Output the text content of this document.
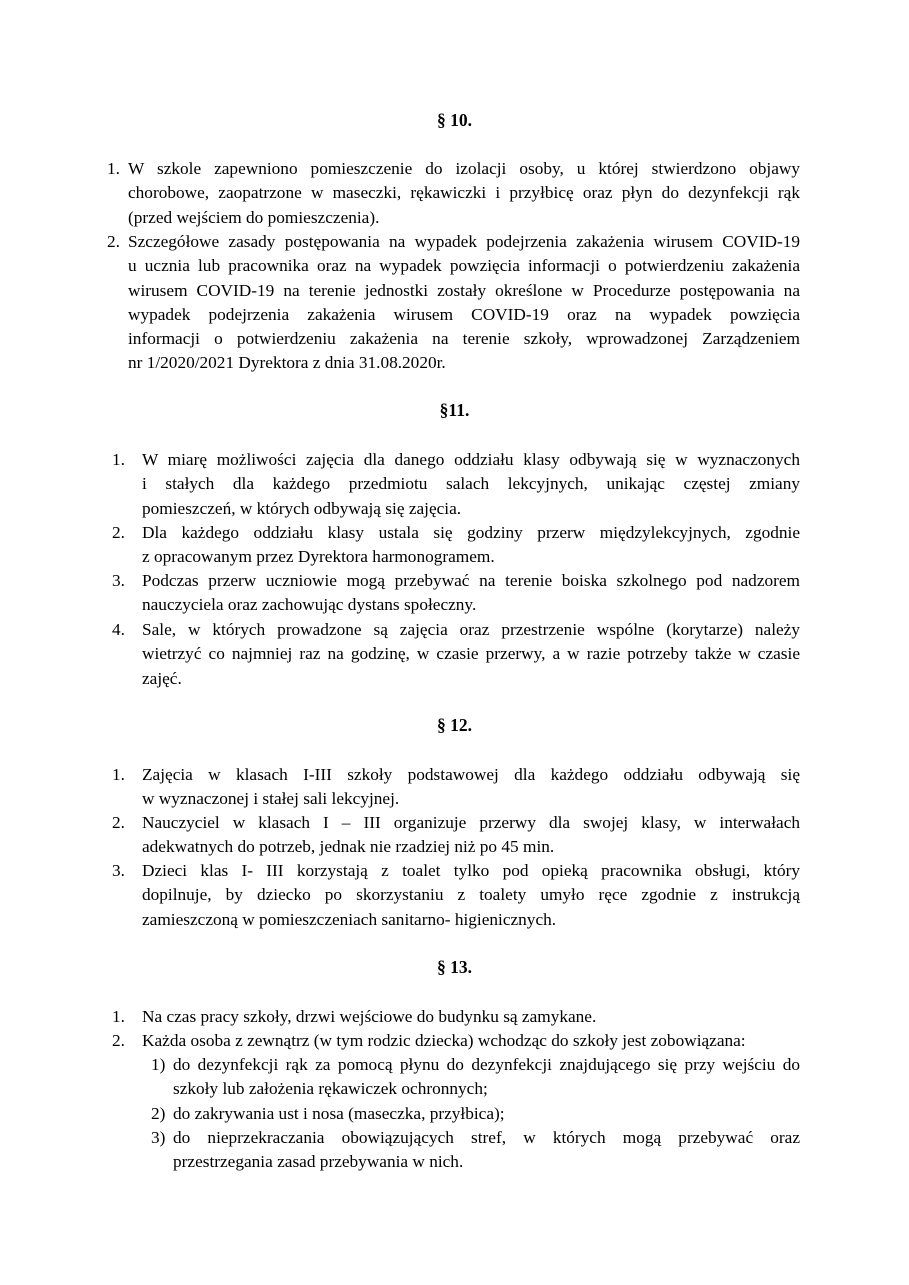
§ 10.
1. W szkole zapewniono pomieszczenie do izolacji osoby, u której stwierdzono objawy

chorobowe, zaopatrzone w maseczki, rękawiczki i przyłbicę oraz płyn do dezynfekcji rąk

(przed wejściem do pomieszczenia).

2. Szczegółowe zasady postępowania na wypadek podejrzenia zakażenia wirusem COVID-19

u ucznia lub pracownika oraz na wypadek powzięcia informacji o potwierdzeniu zakażenia

wirusem COVID-19 na terenie jednostki zostały określone w Procedurze postępowania na

wypadek podejrzenia zakażenia wirusem COVID-19 oraz na wypadek powzięcia

informacji o potwierdzeniu zakażenia na terenie szkoły, wprowadzonej Zarządzeniem

nr 1/2020/2021 Dyrektora z dnia 31.08.2020r.

§11.
1. W miarę możliwości zajęcia dla danego oddziału klasy odbywają się w wyznaczonych

i stałych dla każdego przedmiotu salach lekcyjnych, unikając częstej zmiany

pomieszczeń, w których odbywają się zajęcia.

2. Dla każdego oddziału klasy ustala się godziny przerw międzylekcyjnych, zgodnie

z opracowanym przez Dyrektora harmonogramem.

3. Podczas przerw uczniowie mogą przebywać na terenie boiska szkolnego pod nadzorem

nauczyciela oraz zachowując dystans społeczny.

4. Sale, w których prowadzone są zajęcia oraz przestrzenie wspólne (korytarze) należy

wietrzyć co najmniej raz na godzinę, w czasie przerwy, a w razie potrzeby także w czasie

zajęć.

§ 12.
1. Zajęcia w klasach I-III szkoły podstawowej dla każdego oddziału odbywają się

w wyznaczonej i stałej sali lekcyjnej.

2. Nauczyciel w klasach I – III organizuje przerwy dla swojej klasy, w interwałach

adekwatnych do potrzeb, jednak nie rzadziej niż po 45 min.

3. Dzieci klas I- III korzystają z toalet tylko pod opieką pracownika obsługi, który

dopilnuje, by dziecko po skorzystaniu z toalety umyło ręce zgodnie z instrukcją

zamieszczoną w pomieszczeniach sanitarno- higienicznych.

§ 13.
1. Na czas pracy szkoły, drzwi wejściowe do budynku są zamykane.

2. Każda osoba z zewnątrz (w tym rodzic dziecka) wchodząc do szkoły jest zobowiązana:

1) do dezynfekcji rąk za pomocą płynu do dezynfekcji znajdującego się przy wejściu do

szkoły lub założenia rękawiczek ochronnych;

2) do zakrywania ust i nosa (maseczka, przyłbica);

3) do nieprzekraczania obowiązujących stref, w których mogą przebywać oraz

przestrzegania zasad przebywania w nich.
